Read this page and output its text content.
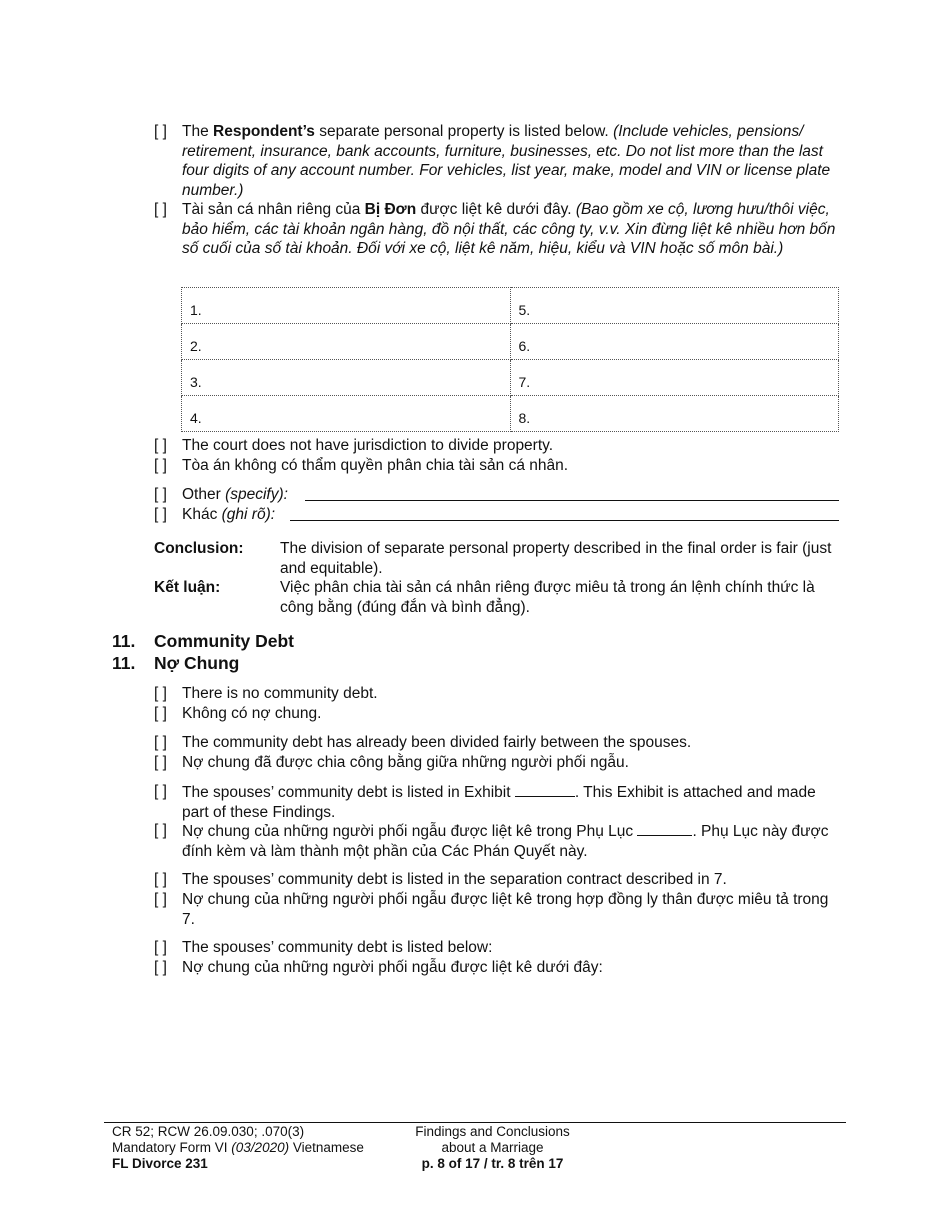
[ ] The Respondent’s separate personal property is listed below. (Include vehicles, pensions/ retirement, insurance, bank accounts, furniture, businesses, etc. Do not list more than the last four digits of any account number. For vehicles, list year, make, model and VIN or license plate number.)
[ ] Tài sản cá nhân riêng của Bị Đơn được liệt kê dưới đây. (Bao gồm xe cộ, lương hưu/thôi việc, bảo hiểm, các tài khoản ngân hàng, đồ nội thất, các công ty, v.v. Xin đừng liệt kê nhiều hơn bốn số cuối của số tài khoản. Đối với xe cộ, liệt kê năm, hiệu, kiểu và VIN hoặc số môn bài.)
1.	5.
2.	6.
3.	7.
4.	8.
[ ] The court does not have jurisdiction to divide property.
[ ] Tòa án không có thẩm quyền phân chia tài sản cá nhân.
[ ] Other (specify):
[ ] Khác (ghi rõ):
Conclusion: The division of separate personal property described in the final order is fair (just and equitable).
Kết luận:	Việc phân chia tài sản cá nhân riêng được miêu tả trong án lệnh chính thức là công bằng (đúng đắn và bình đẳng).
11. Community Debt
11. Nợ Chung
[ ] There is no community debt.
[ ] Không có nợ chung.
[ ] The community debt has already been divided fairly between the spouses.
[ ] Nợ chung đã được chia công bằng giữa những người phối ngẫu.
[ ] The spouses’ community debt is listed in Exhibit	. This Exhibit is attached and made part of these Findings.
[ ] Nợ chung của những người phối ngẫu được liệt kê trong Phụ Lục	. Phụ Lục này được đính kèm và làm thành một phần của Các Phán Quyết này.
[ ] The spouses’ community debt is listed in the separation contract described in 7.
[ ] Nợ chung của những người phối ngẫu được liệt kê trong hợp đồng ly thân được miêu tả trong 7.
[ ] The spouses’ community debt is listed below:
[ ] Nợ chung của những người phối ngẫu được liệt kê dưới đây:
CR 52; RCW 26.09.030; .070(3)
Mandatory Form VI (03/2020) Vietnamese
FL Divorce 231
Findings and Conclusions
about a Marriage
p. 8 of 17 / tr. 8 trên 17
